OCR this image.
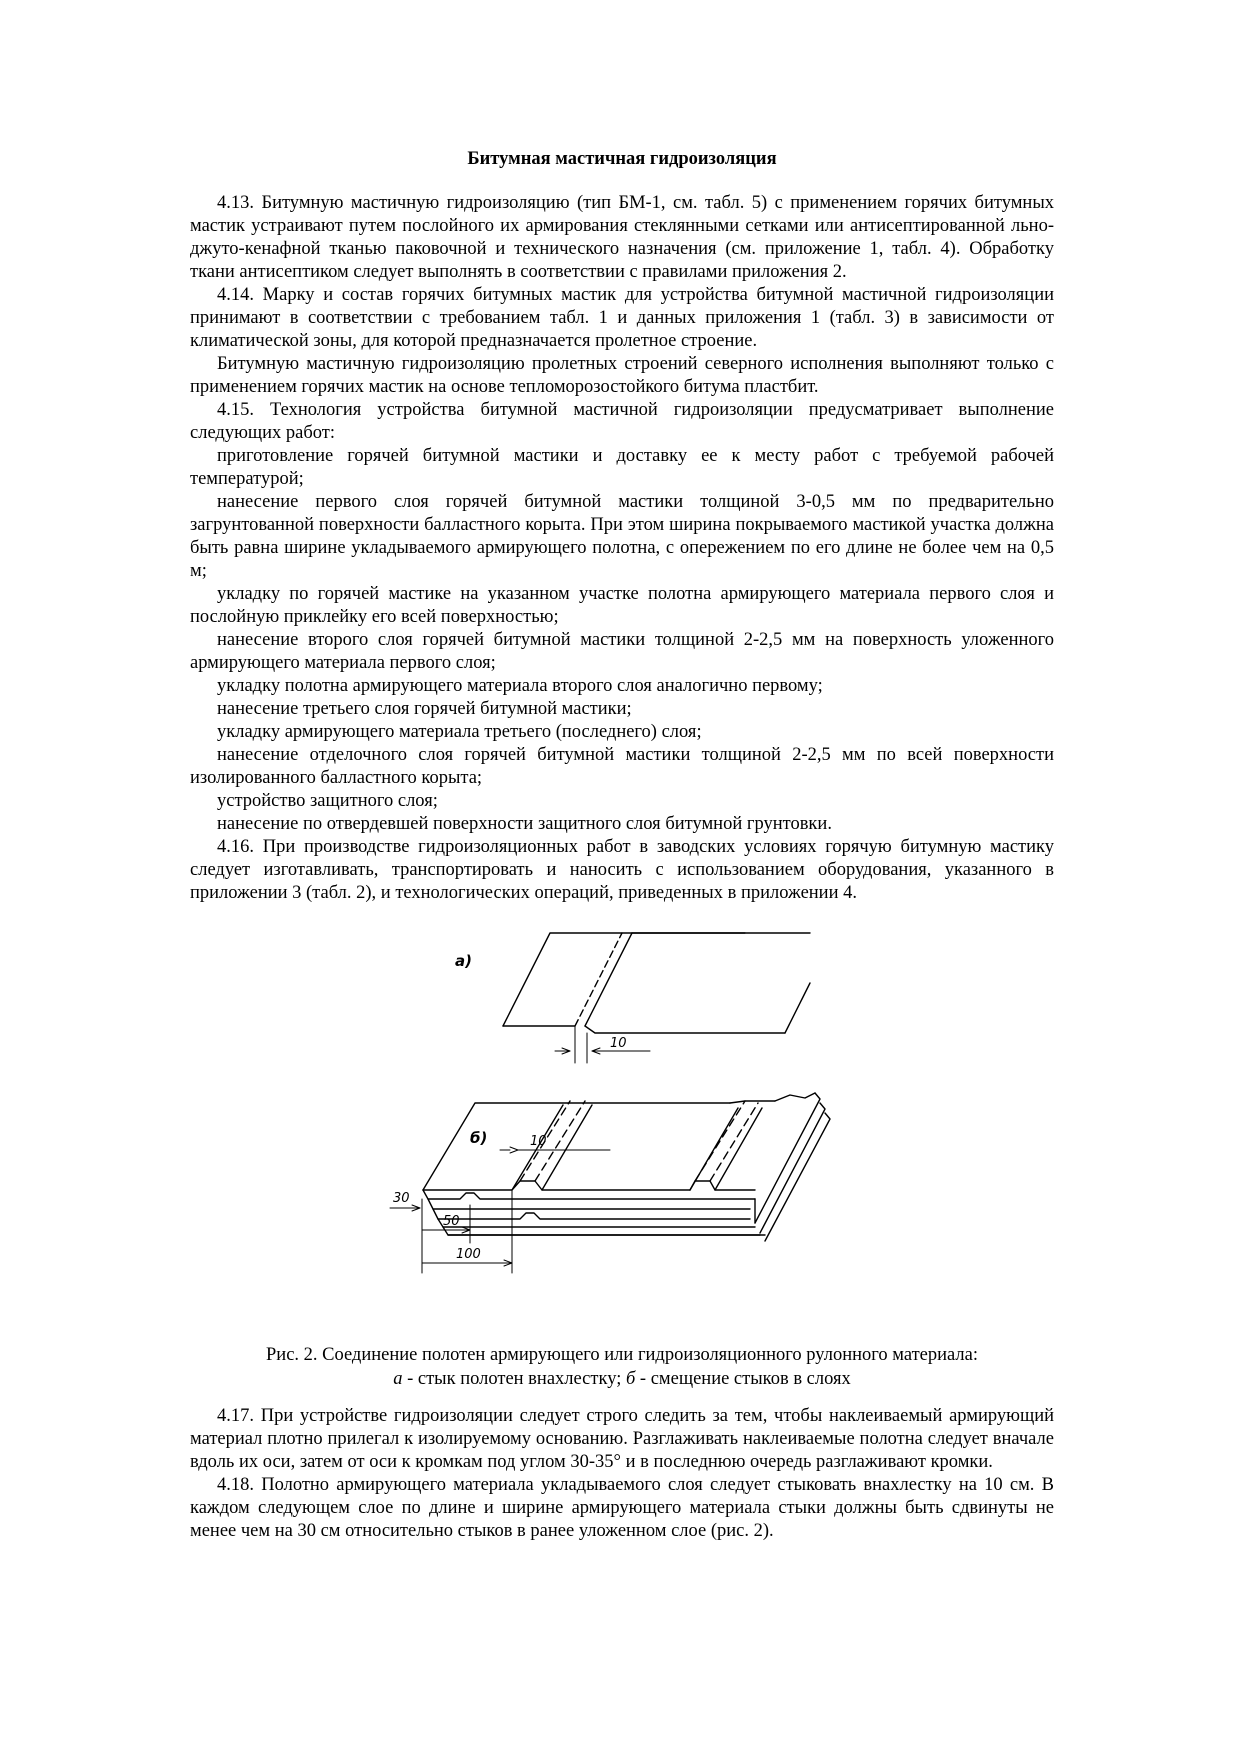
Битумная мастичная гидроизоляция

4.13. Битумную мастичную гидроизоляцию (тип БМ-1, см. табл. 5) с применением горячих битумных мастик устраивают путем послойного их армирования стеклянными сетками или антисептированной льно-джуто-кенафной тканью паковочной и технического назначения (см. приложение 1, табл. 4). Обработку ткани антисептиком следует выполнять в соответствии с правилами приложения 2.

4.14. Марку и состав горячих битумных мастик для устройства битумной мастичной гидроизоляции принимают в соответствии с требованием табл. 1 и данных приложения 1 (табл. 3) в зависимости от климатической зоны, для которой предназначается пролетное строение.

Битумную мастичную гидроизоляцию пролетных строений северного исполнения выполняют только с применением горячих мастик на основе тепломорозостойкого битума пластбит.

4.15. Технология устройства битумной мастичной гидроизоляции предусматривает выполнение следующих работ:

приготовление горячей битумной мастики и доставку ее к месту работ с требуемой рабочей температурой;

нанесение первого слоя горячей битумной мастики толщиной 3-0,5 мм по предварительно загрунтованной поверхности балластного корыта. При этом ширина покрываемого мастикой участка должна быть равна ширине укладываемого армирующего полотна, с опережением по его длине не более чем на 0,5 м;

укладку по горячей мастике на указанном участке полотна армирующего материала первого слоя и послойную приклейку его всей поверхностью;

нанесение второго слоя горячей битумной мастики толщиной 2-2,5 мм на поверхность уложенного армирующего материала первого слоя;

укладку полотна армирующего материала второго слоя аналогично первому;

нанесение третьего слоя горячей битумной мастики;

укладку армирующего материала третьего (последнего) слоя;

нанесение отделочного слоя горячей битумной мастики толщиной 2-2,5 мм по всей поверхности изолированного балластного корыта;

устройство защитного слоя;

нанесение по отвердевшей поверхности защитного слоя битумной грунтовки.

4.16. При производстве гидроизоляционных работ в заводских условиях горячую битумную мастику следует изготавливать, транспортировать и наносить с использованием оборудования, указанного в приложении 3 (табл. 2), и технологических операций, приведенных в приложении 4.

а)
10
б)	10
30
50
100
Рис. 2. Соединение полотен армирующего или гидроизоляционного рулонного материала:
а - стык полотен внахлестку; б - смещение стыков в слоях

4.17. При устройстве гидроизоляции следует строго следить за тем, чтобы наклеиваемый армирующий материал плотно прилегал к изолируемому основанию. Разглаживать наклеиваемые полотна следует вначале вдоль их оси, затем от оси к кромкам под углом 30-35° и в последнюю очередь разглаживают кромки.

4.18. Полотно армирующего материала укладываемого слоя следует стыковать внахлестку на 10 см. В каждом следующем слое по длине и ширине армирующего материала стыки должны быть сдвинуты не менее чем на 30 см относительно стыков в ранее уложенном слое (рис. 2).
